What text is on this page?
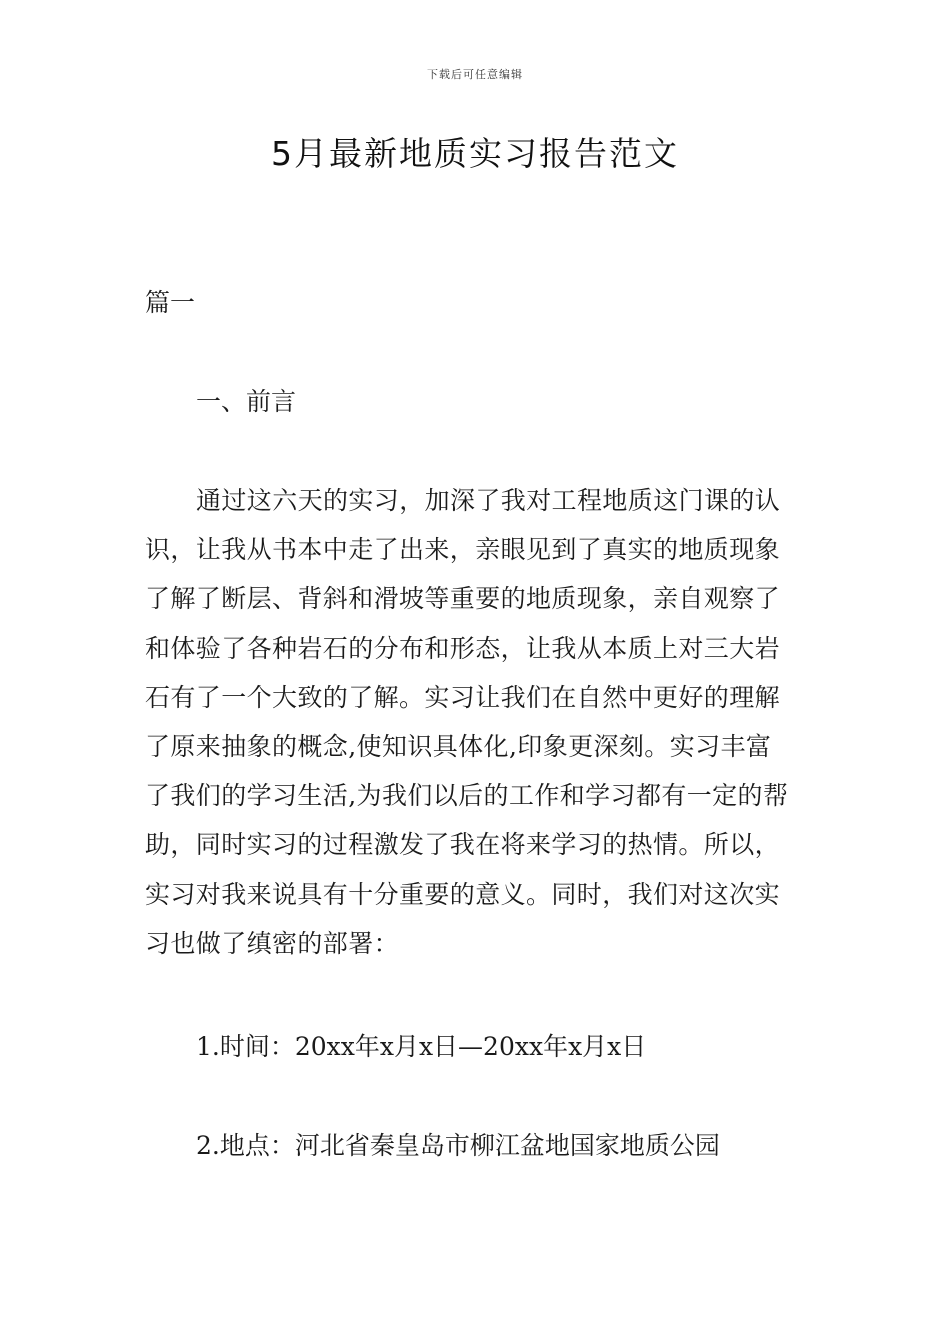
下载后可任意编辑
5月最新地质实习报告范文
篇一
一、前言
通过这六天的实习，加深了我对工程地质这门课的认
识，让我从书本中走了出来，亲眼见到了真实的地质现象
了解了断层、背斜和滑坡等重要的地质现象，亲自观察了
和体验了各种岩石的分布和形态，让我从本质上对三大岩
石有了一个大致的了解。实习让我们在自然中更好的理解
了原来抽象的概念,使知识具体化,印象更深刻。实习丰富
了我们的学习生活,为我们以后的工作和学习都有一定的帮
助，同时实习的过程激发了我在将来学习的热情。所以，
实习对我来说具有十分重要的意义。同时，我们对这次实
习也做了缜密的部署：
1.时间：20xx年x月x日—20xx年x月x日
2.地点：河北省秦皇岛市柳江盆地国家地质公园
